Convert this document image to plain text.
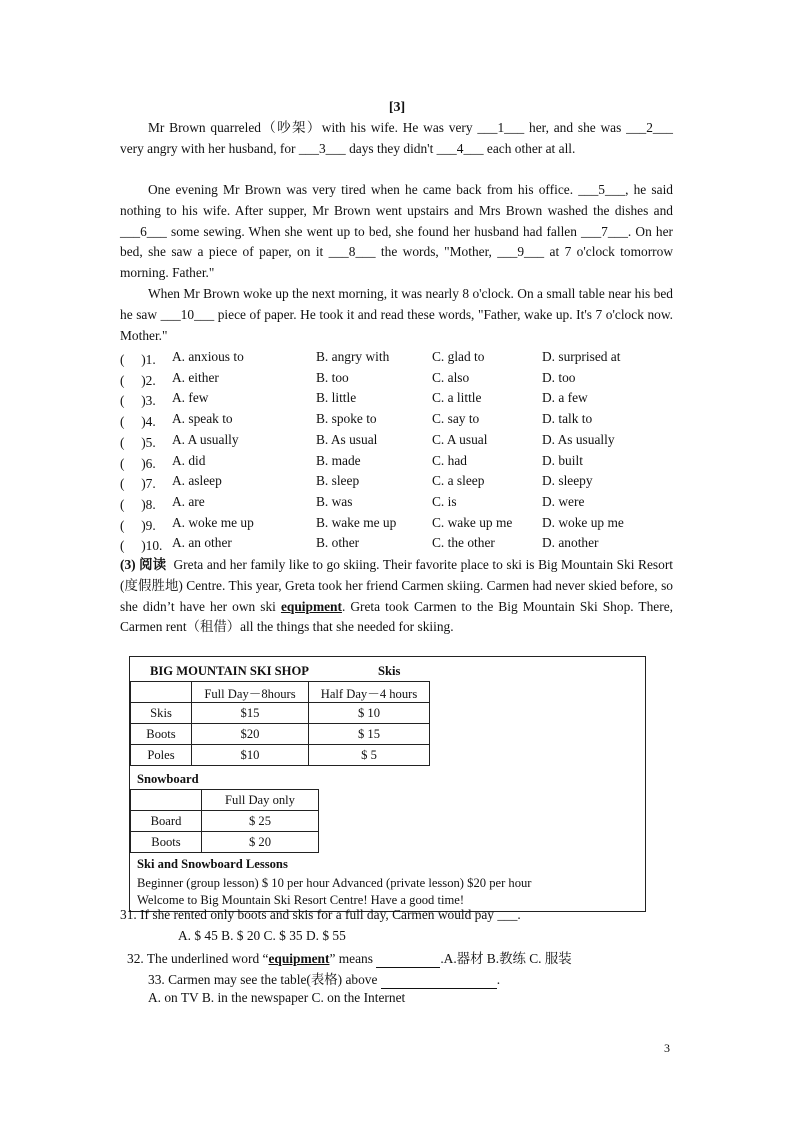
[3]
Mr Brown quarreled（吵架）with his wife. He was very ___1___ her, and she was ___2___ very angry with her husband, for ___3___ days they didn't ___4___ each other at all.
One evening Mr Brown was very tired when he came back from his office. ___5___, he said nothing to his wife. After supper, Mr Brown went upstairs and Mrs Brown washed the dishes and ___6___ some sewing. When she went up to bed, she found her husband had fallen ___7___. On her bed, she saw a piece of paper, on it ___8___ the words, "Mother, ___9___ at 7 o'clock tomorrow morning. Father."
When Mr Brown woke up the next morning, it was nearly 8 o'clock. On a small table near his bed he saw ___10___ piece of paper. He took it and read these words, "Father, wake up. It's 7 o'clock now. Mother."
(　 )1. A. anxious to	B. angry with	C. glad to	D. surprised at
(　 )2. A. either	B. too	C. also	D. too
(　 )3. A. few	B. little	C. a little	D. a few
(　 )4. A. speak to	B. spoke to	C. say to	D. talk to
(　 )5. A. A usually	B. As usual	C. A usual	D. As usually
(　 )6. A. did	B. made	C. had	D. built
(　 )7. A. asleep	B. sleep	C. a sleep	D. sleepy
(　 )8. A. are	B. was	C. is	D. were
(　 )9. A. woke me up	B. wake me up	C. wake up me D. woke up me
(　 )10. A. an other	B. other	C. the other	D. another
(3) 阅读 Greta and her family like to go skiing. Their favorite place to ski is Big Mountain Ski Resort (度假胜地) Centre. This year, Greta took her friend Carmen skiing. Carmen had never skied before, so she didn’t have her own ski equipment. Greta took Carmen to the Big Mountain Ski Shop. There, Carmen rent（租借）all the things that she needed for skiing.
BIG MOUNTAIN SKI SHOP	Skis
	Full Day－8hours	Half Day－4 hours
Skis	$15	$ 10
Boots	$20	$ 15
Poles	$10	$ 5
Snowboard
	Full Day only
Board	$ 25
Boots	$ 20
Ski and Snowboard Lessons
Beginner (group lesson) $ 10 per hour Advanced (private lesson) $20 per hour
Welcome to Big Mountain Ski Resort Centre! Have a good time!
31. If she rented only boots and skis for a full day, Carmen would pay ___.
A. $ 45 B. $ 20 C. $ 35 D. $ 55
32. The underlined word “equipment” means	.A.器材 B.教练 C. 服装
33. Carmen may see the table(表格) above	.
A. on TV B. in the newspaper C. on the Internet
3
